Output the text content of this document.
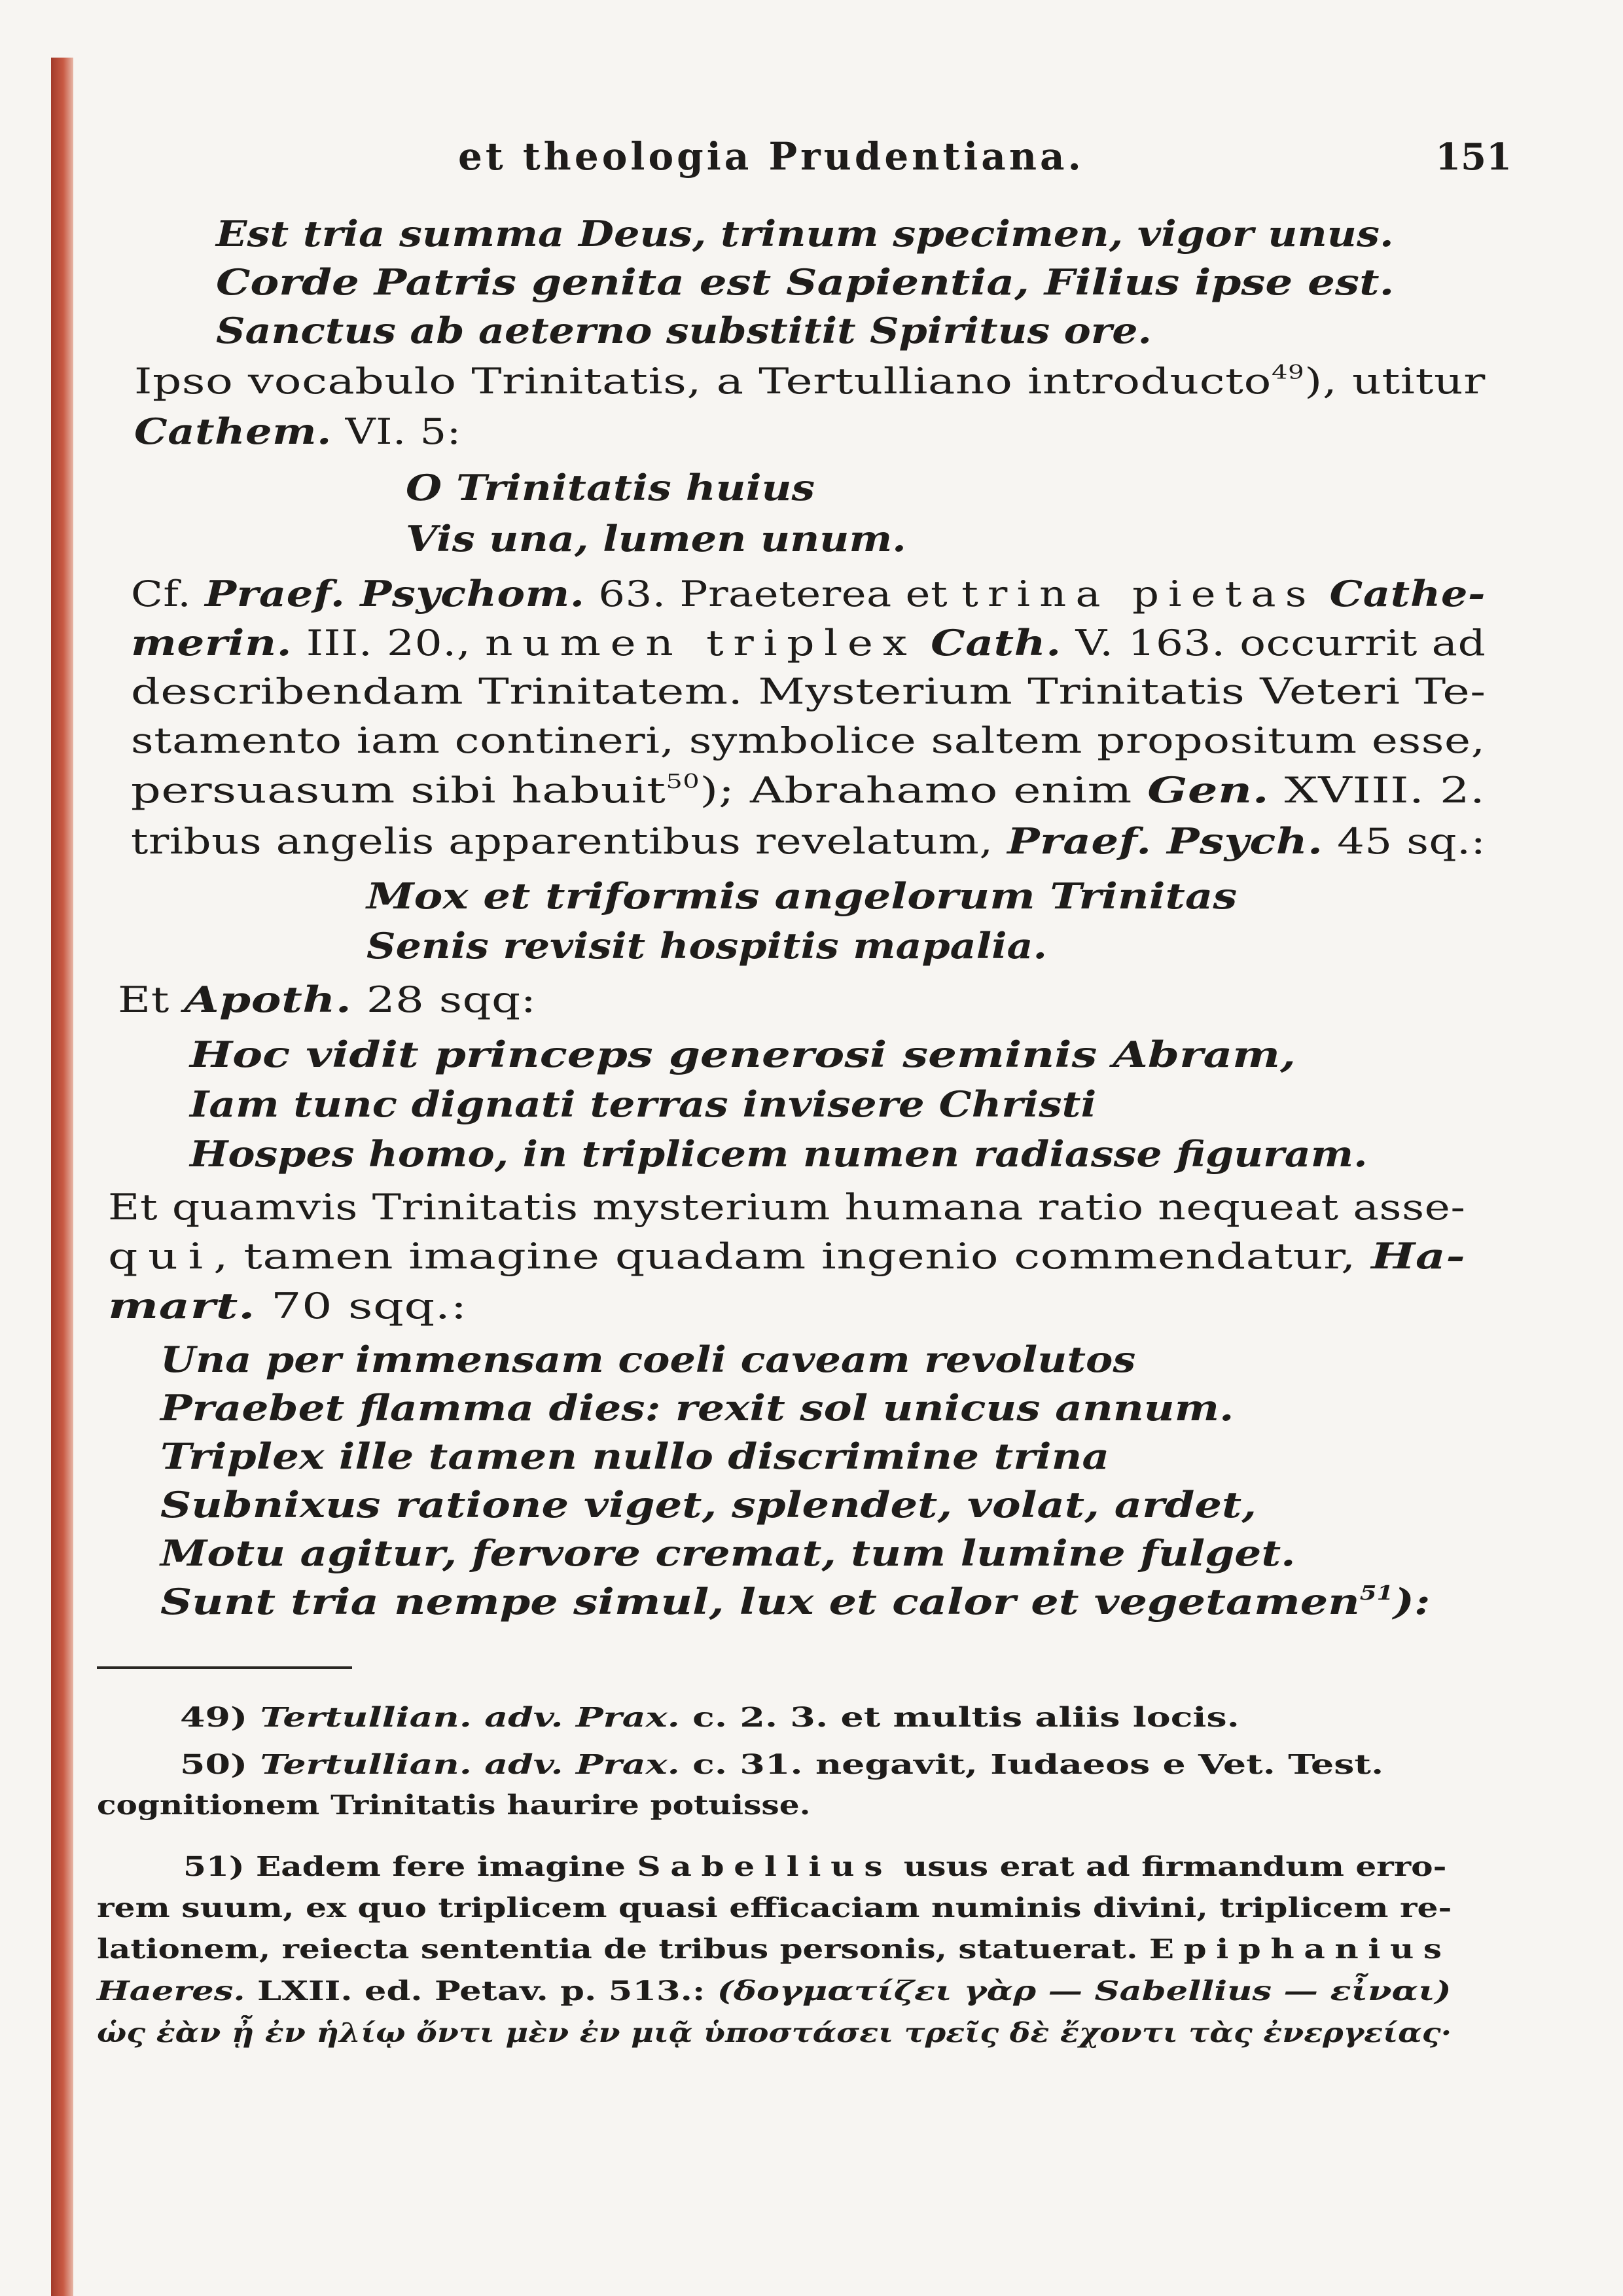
et theologia Prudentiana.	151
Est tria summa Deus, trinum specimen, vigor unus.
Corde Patris genita est Sapientia, Filius ipse est.
Sanctus ab aeterno substitit Spiritus ore.
Ipso vocabulo Trinitatis, a Tertulliano introducto$^{49}$), utitur
Cathem. VI. 5:
O Trinitatis huius
Vis una, lumen unum.
Cf. Praef. Psychom. 63. Praeterea et trina pietas Cathe-
merin. III. 20., numen triplex Cath. V. 163. occurrit ad
describendam Trinitatem. Mysterium Trinitatis Veteri Te-
stamento iam contineri, symbolice saltem propositum esse,
persuasum sibi habuit$^{50}$); Abrahamo enim Gen. XVIII. 2.
tribus angelis apparentibus revelatum, Praef. Psych. 45 sq.:
Mox et triformis angelorum Trinitas
Senis revisit hospitis mapalia.
Et Apoth. 28 sqq:
Hoc vidit princeps generosi seminis Abram,
Iam tunc dignati terras invisere Christi
Hospes homo, in triplicem numen radiasse figuram.
Et quamvis Trinitatis mysterium humana ratio nequeat asse-
qui, tamen imagine quadam ingenio commendatur, Ha-
mart. 70 sqq.:
Una per immensam coeli caveam revolutos
Praebet flamma dies: rexit sol unicus annum.
Triplex ille tamen nullo discrimine trina
Subnixus ratione viget, splendet, volat, ardet,
Motu agitur, fervore cremat, tum lumine fulget.
Sunt tria nempe simul, lux et calor et vegetamen$^{51}$):
49) Tertullian. adv. Prax. c. 2. 3. et multis aliis locis.
50) Tertullian. adv. Prax. c. 31. negavit, Iudaeos e Vet. Test.
cognitionem Trinitatis haurire potuisse.
51) Eadem fere imagine Sabellius usus erat ad firmandum erro-
rem suum, ex quo triplicem quasi efficaciam numinis divini, triplicem re-
lationem, reiecta sententia de tribus personis, statuerat. Epiphanius
Haeres. LXII. ed. Petav. p. 513.: (δογματίζει γὰρ — Sabellius — εἶναι)
ὡς ἐὰν ᾖ ἐν ἡλίῳ ὄντι μὲν ἐν μιᾷ ὑποστάσει τρεῖς δὲ ἔχοντι τὰς ἐνεργείας·
